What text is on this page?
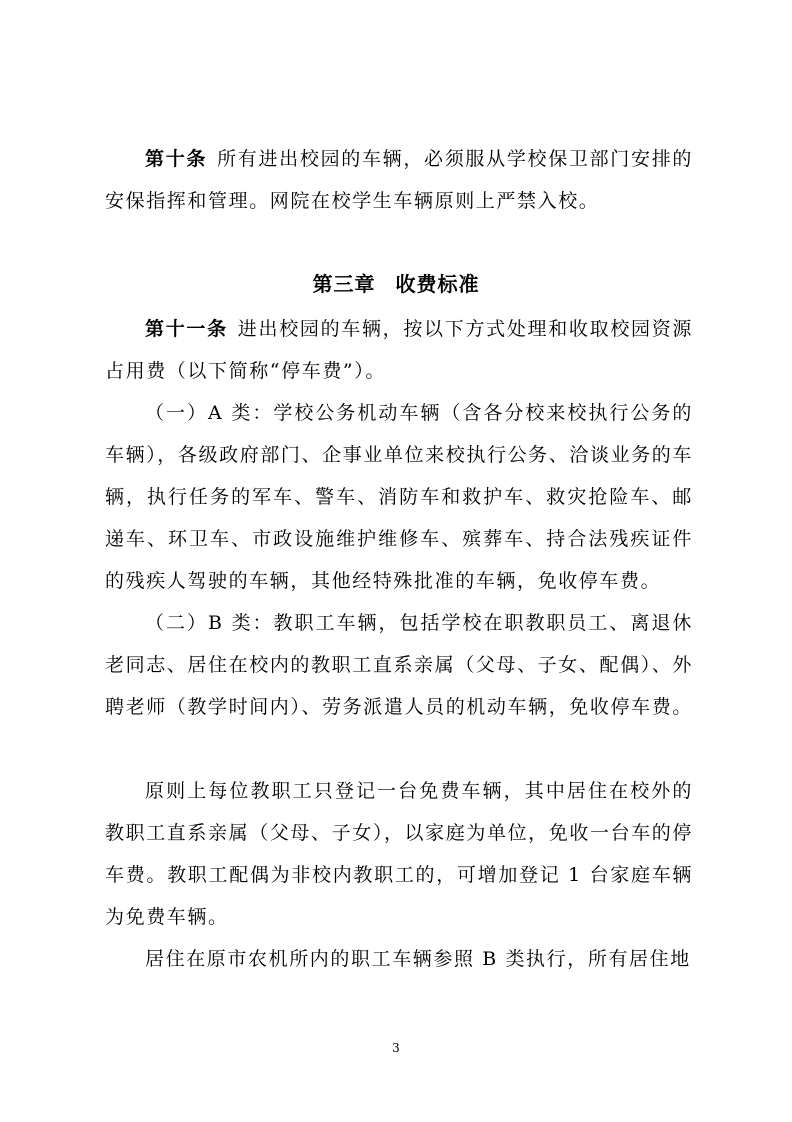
第十条 所有进出校园的车辆，必须服从学校保卫部门安排的安保指挥和管理。网院在校学生车辆原则上严禁入校。

第三章 收费标准

第十一条 进出校园的车辆，按以下方式处理和收取校园资源占用费（以下简称“停车费”）。

（一）A 类：学校公务机动车辆（含各分校来校执行公务的车辆），各级政府部门、企事业单位来校执行公务、洽谈业务的车辆，执行任务的军车、警车、消防车和救护车、救灾抢险车、邮递车、环卫车、市政设施维护维修车、殡葬车、持合法残疾证件的残疾人驾驶的车辆，其他经特殊批准的车辆，免收停车费。

（二）B 类：教职工车辆，包括学校在职教职员工、离退休老同志、居住在校内的教职工直系亲属（父母、子女、配偶）、外聘老师（教学时间内）、劳务派遣人员的机动车辆，免收停车费。

原则上每位教职工只登记一台免费车辆，其中居住在校外的教职工直系亲属（父母、子女），以家庭为单位，免收一台车的停车费。教职工配偶为非校内教职工的，可增加登记 1 台家庭车辆为免费车辆。

居住在原市农机所内的职工车辆参照 B 类执行，所有居住地

3
